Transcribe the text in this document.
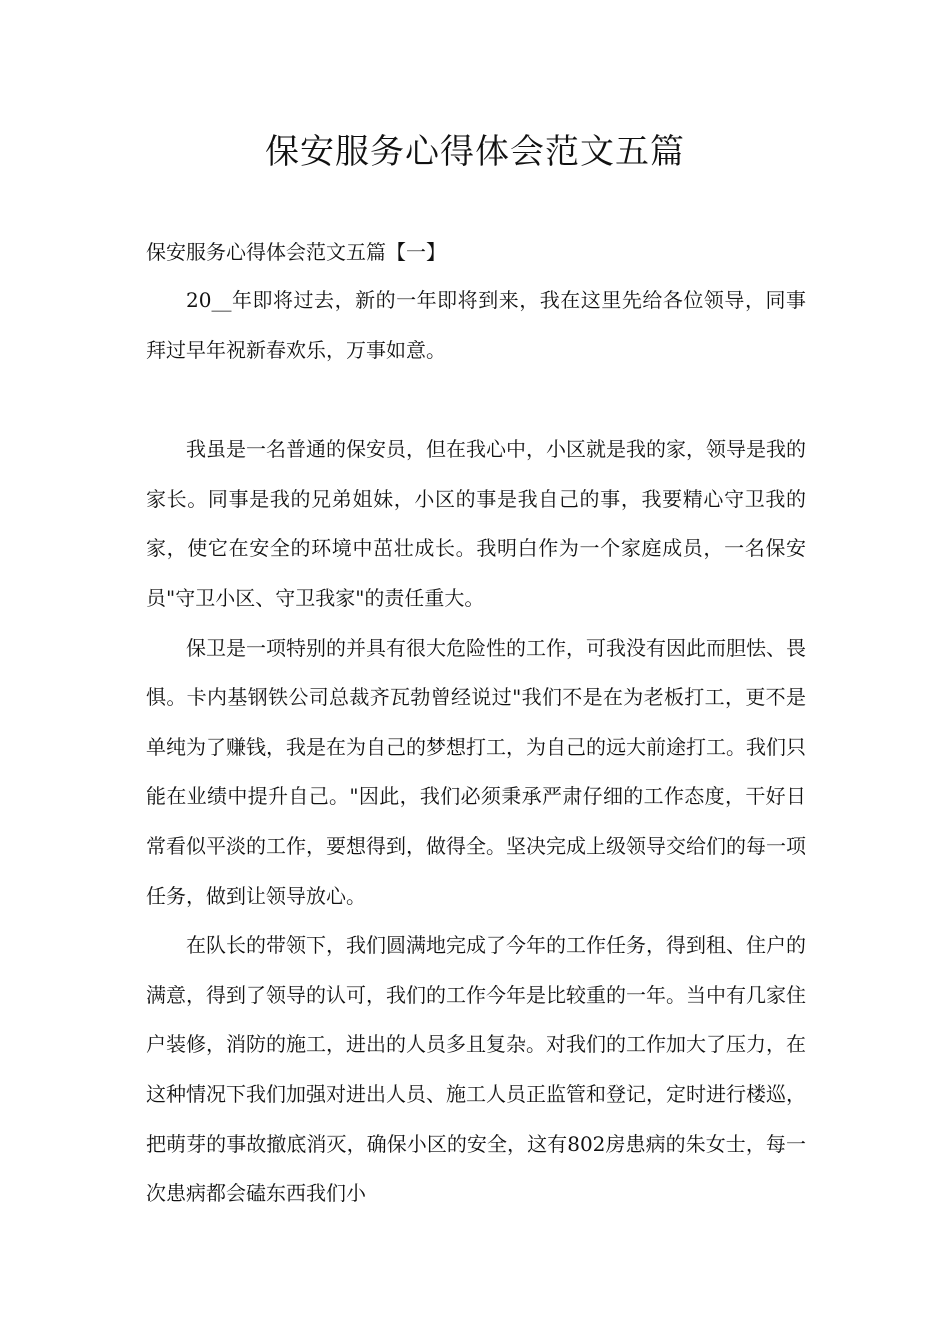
保安服务心得体会范文五篇

保安服务心得体会范文五篇【一】

20__年即将过去，新的一年即将到来，我在这里先给各位领导，同事拜过早年祝新春欢乐，万事如意。

我虽是一名普通的保安员，但在我心中，小区就是我的家，领导是我的家长。同事是我的兄弟姐妹，小区的事是我自己的事，我要精心守卫我的家，使它在安全的环境中茁壮成长。我明白作为一个家庭成员，一名保安员"守卫小区、守卫我家"的责任重大。

保卫是一项特别的并具有很大危险性的工作，可我没有因此而胆怯、畏惧。卡内基钢铁公司总裁齐瓦勃曾经说过"我们不是在为老板打工，更不是单纯为了赚钱，我是在为自己的梦想打工，为自己的远大前途打工。我们只能在业绩中提升自己。"因此，我们必须秉承严肃仔细的工作态度，干好日常看似平淡的工作，要想得到，做得全。坚决完成上级领导交给们的每一项任务，做到让领导放心。

在队长的带领下，我们圆满地完成了今年的工作任务，得到租、住户的满意，得到了领导的认可，我们的工作今年是比较重的一年。当中有几家住户装修，消防的施工，进出的人员多且复杂。对我们的工作加大了压力，在这种情况下我们加强对进出人员、施工人员正监管和登记，定时进行楼巡，把萌芽的事故撤底消灭，确保小区的安全，这有802房患病的朱女士，每一次患病都会磕东西我们小
